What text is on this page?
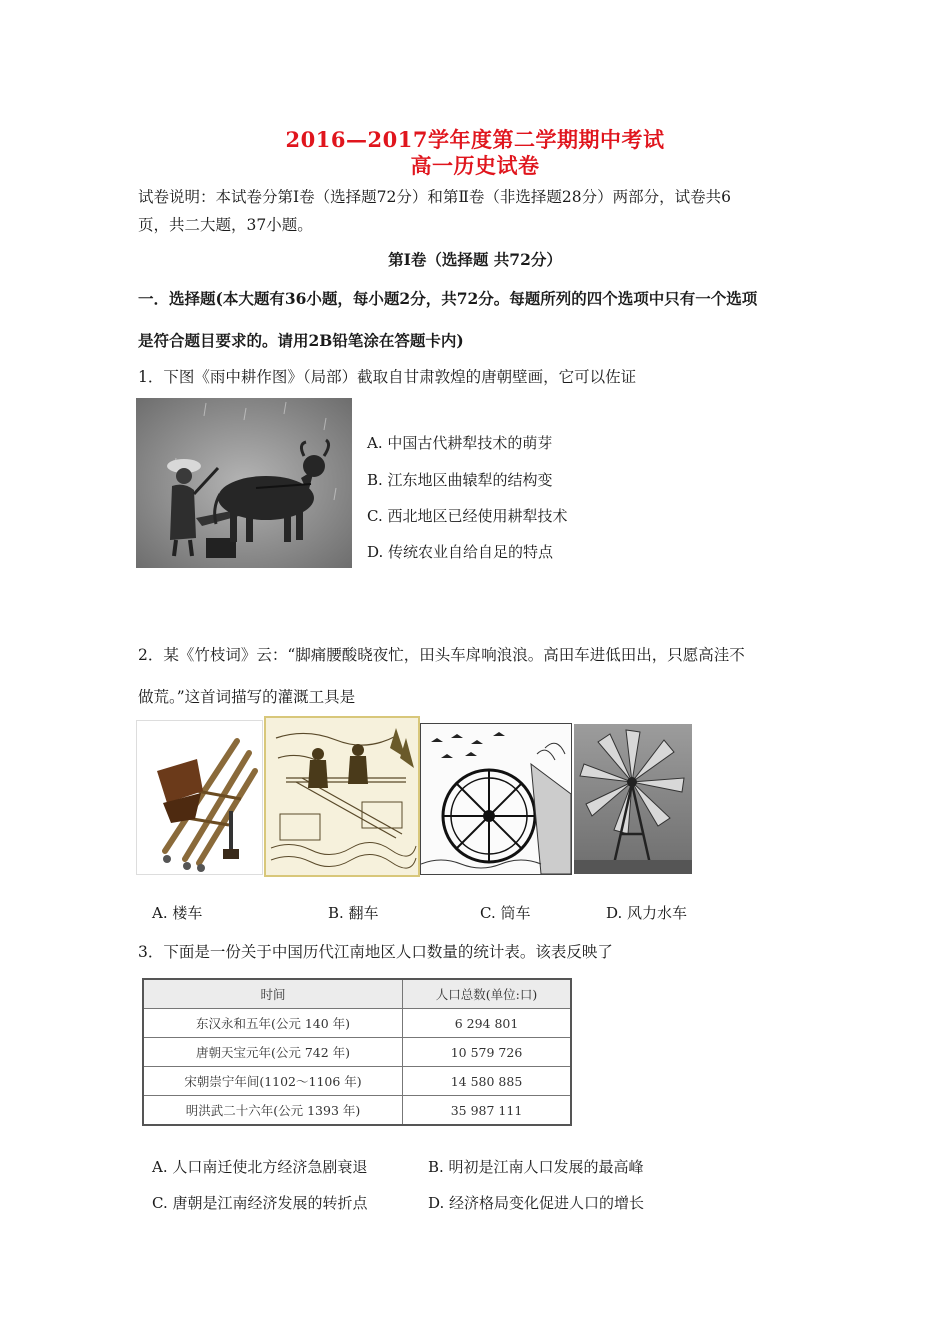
2016—2017学年度第二学期期中考试
高一历史试卷
试卷说明：本试卷分第Ⅰ卷（选择题72分）和第Ⅱ卷（非选择题28分）两部分，试卷共6
页，共二大题，37小题。
第Ⅰ卷（选择题 共72分）
一．选择题(本大题有36小题，每小题2分，共72分。每题所列的四个选项中只有一个选项
是符合题目要求的。请用2B铅笔涂在答题卡内)
1．下图《雨中耕作图》（局部）截取自甘肃敦煌的唐朝壁画，它可以佐证
A. 中国古代耕犁技术的萌芽
B. 江东地区曲辕犁的结构变
C. 西北地区已经使用耕犁技术
D. 传统农业自给自足的特点
2．某《竹枝词》云：“脚痛腰酸晓夜忙，田头车戽响浪浪。高田车进低田出，只愿高洼不
做荒。”这首词描写的灌溉工具是
A. 楼车	B. 翻车	C. 筒车	D. 风力水车
3．下面是一份关于中国历代江南地区人口数量的统计表。该表反映了
时间	人口总数(单位:口)
东汉永和五年(公元 140 年)	6 294 801
唐朝天宝元年(公元 742 年)	10 579 726
宋朝崇宁年间(1102～1106 年)	14 580 885
明洪武二十六年(公元 1393 年)	35 987 111
A. 人口南迁使北方经济急剧衰退	B. 明初是江南人口发展的最高峰
C. 唐朝是江南经济发展的转折点	D. 经济格局变化促进人口的增长
